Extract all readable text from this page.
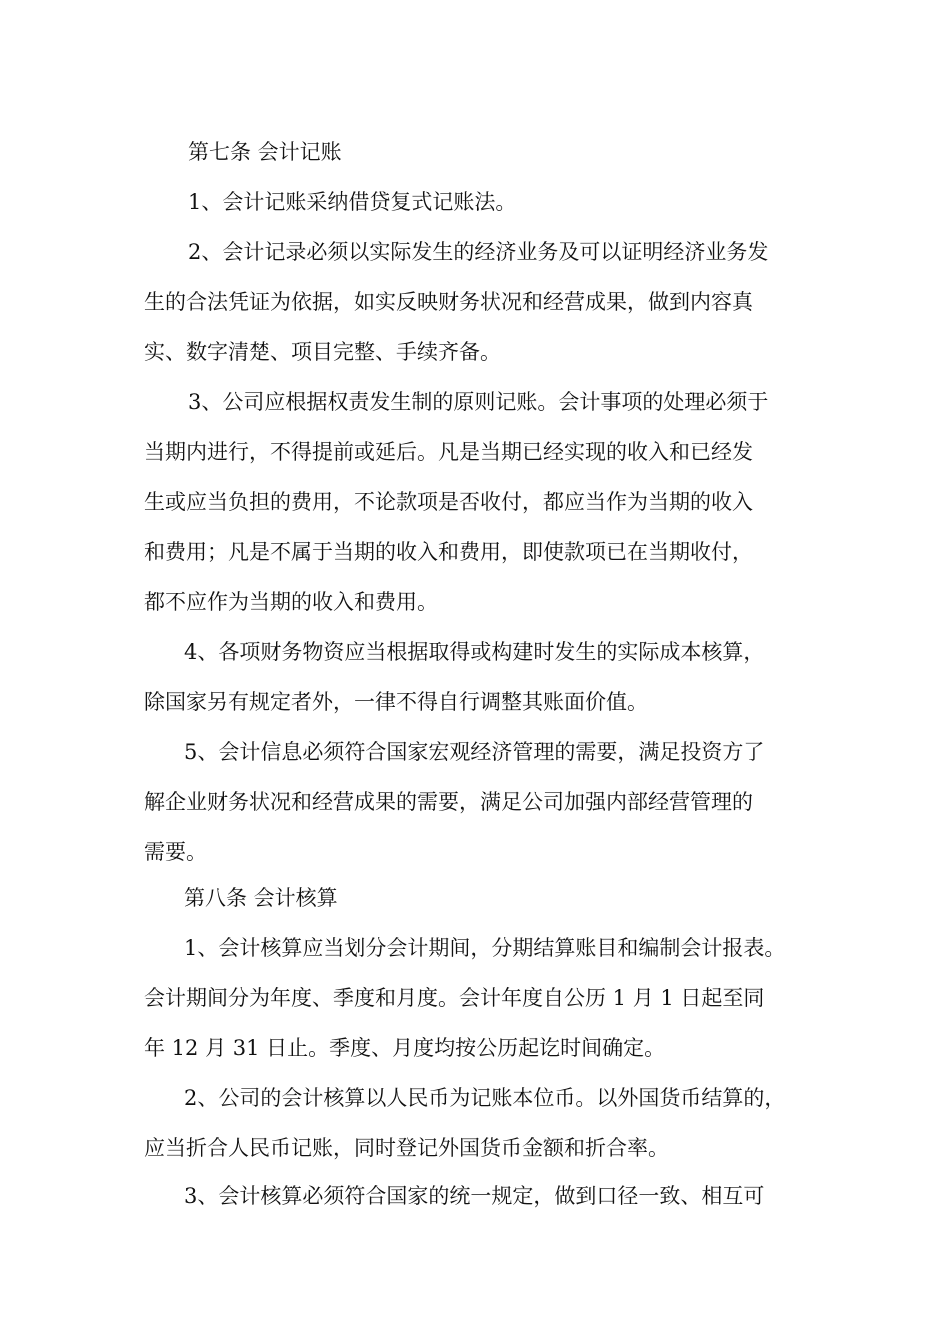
第七条 会计记账

1、会计记账采纳借贷复式记账法。

2、会计记录必须以实际发生的经济业务及可以证明经济业务发
生的合法凭证为依据，如实反映财务状况和经营成果，做到内容真
实、数字清楚、项目完整、手续齐备。

3、公司应根据权责发生制的原则记账。会计事项的处理必须于
当期内进行，不得提前或延后。凡是当期已经实现的收入和已经发
生或应当负担的费用，不论款项是否收付，都应当作为当期的收入
和费用；凡是不属于当期的收入和费用，即使款项已在当期收付，
都不应作为当期的收入和费用。

4、各项财务物资应当根据取得或构建时发生的实际成本核算，
除国家另有规定者外，一律不得自行调整其账面价值。

5、会计信息必须符合国家宏观经济管理的需要，满足投资方了
解企业财务状况和经营成果的需要，满足公司加强内部经营管理的
需要。

第八条 会计核算

1、会计核算应当划分会计期间，分期结算账目和编制会计报表。
会计期间分为年度、季度和月度。会计年度自公历 1 月 1 日起至同
年 12 月 31 日止。季度、月度均按公历起讫时间确定。

2、公司的会计核算以人民币为记账本位币。以外国货币结算的，
应当折合人民币记账，同时登记外国货币金额和折合率。

3、会计核算必须符合国家的统一规定，做到口径一致、相互可
